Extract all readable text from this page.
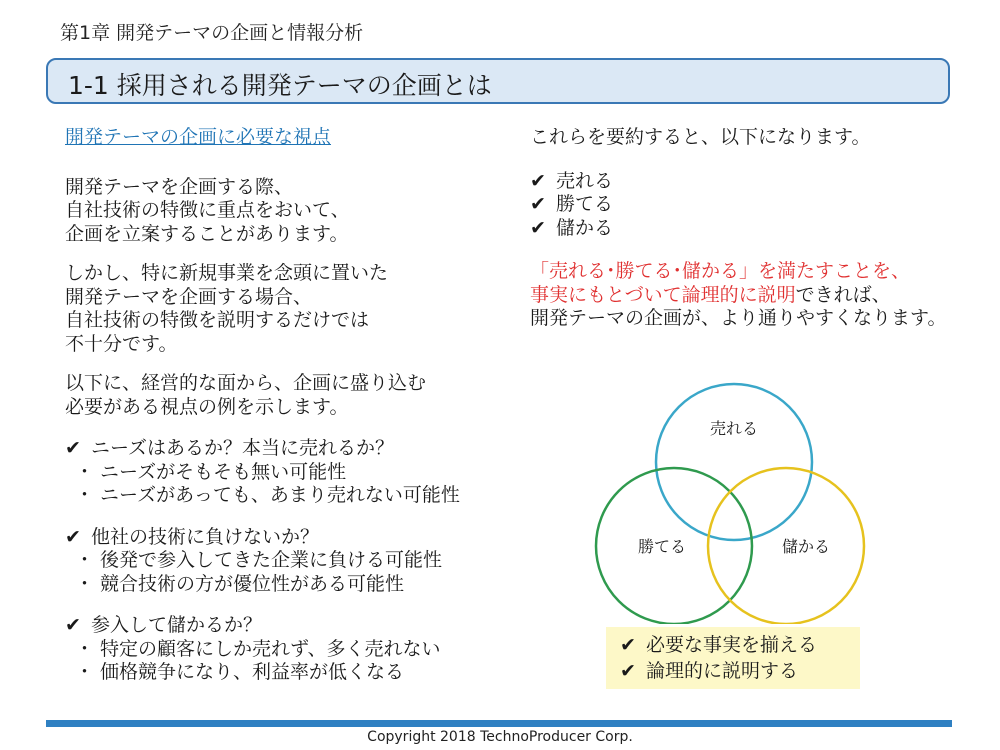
第1章 開発テーマの企画と情報分析
1-1 採用される開発テーマの企画とは
開発テーマの企画に必要な視点
開発テーマを企画する際、
自社技術の特徴に重点をおいて、
企画を立案することがあります。
しかし、特に新規事業を念頭に置いた
開発テーマを企画する場合、
自社技術の特徴を説明するだけでは
不十分です。
以下に、経営的な面から、企画に盛り込む
必要がある視点の例を示します。
✔ ニーズはあるか？本当に売れるか？
・ ニーズがそもそも無い可能性
・ ニーズがあっても、あまり売れない可能性
✔ 他社の技術に負けないか？
・ 後発で参入してきた企業に負ける可能性
・ 競合技術の方が優位性がある可能性
✔ 参入して儲かるか？
・ 特定の顧客にしか売れず、多く売れない
・ 価格競争になり、利益率が低くなる
これらを要約すると、以下になります。
✔ 売れる
✔ 勝てる
✔ 儲かる
「売れる･勝てる･儲かる」を満たすことを、
事実にもとづいて論理的に説明できれば、
開発テーマの企画が、より通りやすくなります。
売れる
勝てる	儲かる
✔ 必要な事実を揃える
✔ 論理的に説明する
Copyright 2018 TechnoProducer Corp.
